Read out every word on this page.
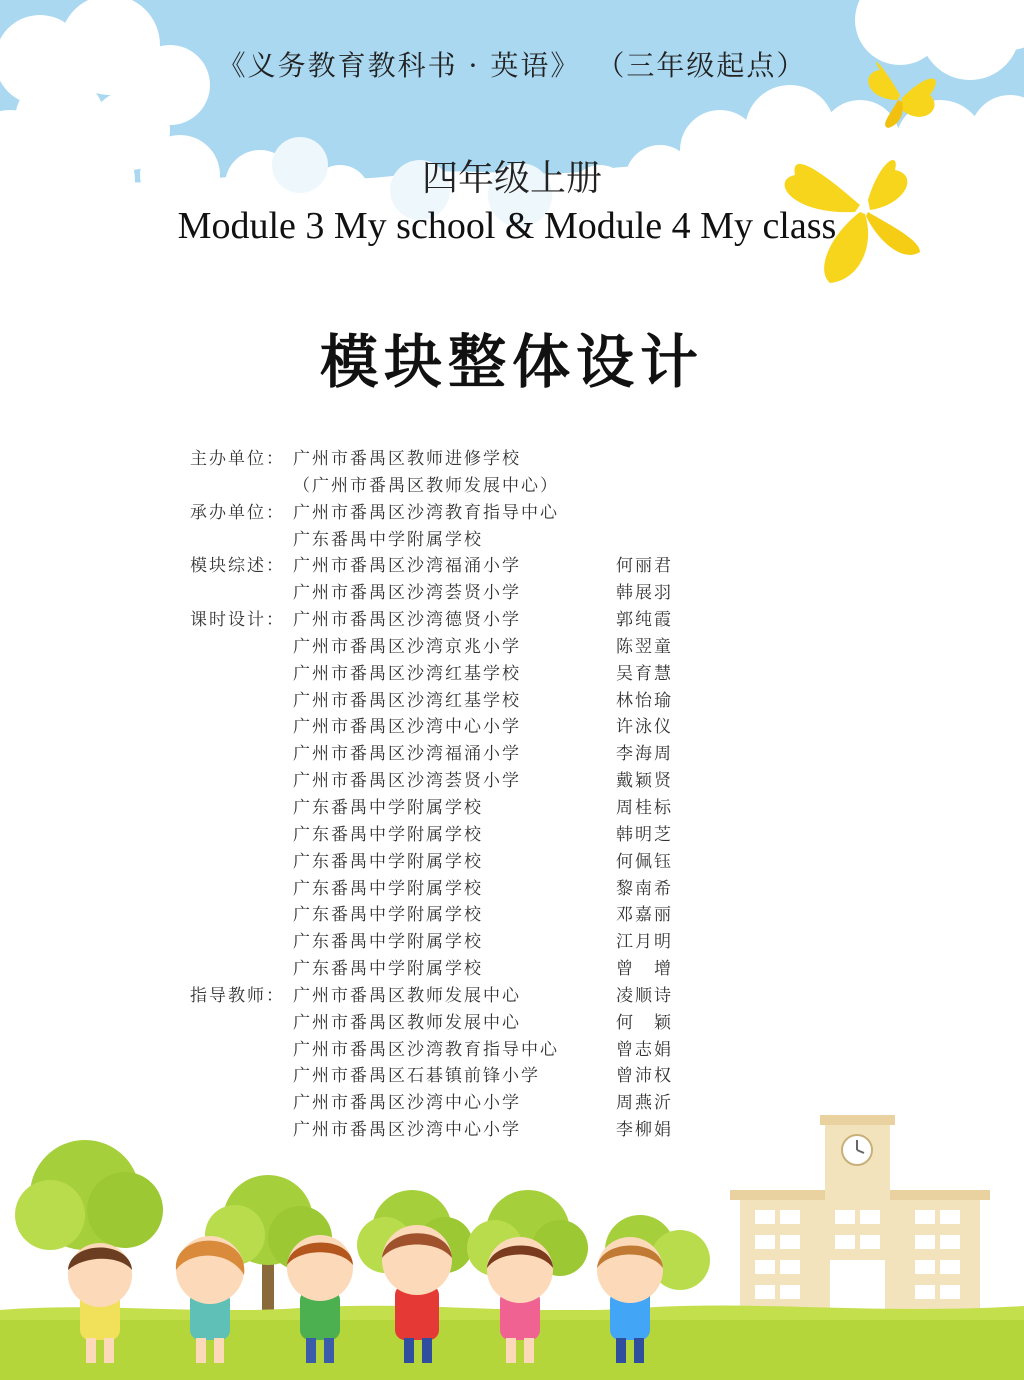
《义务教育教科书 · 英语》 （三年级起点）
四年级上册
Module 3 My school & Module 4 My class
模块整体设计
主办单位： 广州市番禺区教师进修学校
（广州市番禺区教师发展中心）
承办单位： 广州市番禺区沙湾教育指导中心
广东番禺中学附属学校
模块综述： 广州市番禺区沙湾福涌小学	何丽君
广州市番禺区沙湾荟贤小学	韩展羽
课时设计： 广州市番禺区沙湾德贤小学	郭纯霞
广州市番禺区沙湾京兆小学	陈翌童
广州市番禺区沙湾红基学校	吴育慧
广州市番禺区沙湾红基学校	林怡瑜
广州市番禺区沙湾中心小学	许泳仪
广州市番禺区沙湾福涌小学	李海周
广州市番禺区沙湾荟贤小学	戴颖贤
广东番禺中学附属学校	周桂标
广东番禺中学附属学校	韩明芝
广东番禺中学附属学校	何佩钰
广东番禺中学附属学校	黎南希
广东番禺中学附属学校	邓嘉丽
广东番禺中学附属学校	江月明
广东番禺中学附属学校	曾　增
指导教师： 广州市番禺区教师发展中心	凌顺诗
广州市番禺区教师发展中心	何　颖
广州市番禺区沙湾教育指导中心	曾志娟
广州市番禺区石碁镇前锋小学	曾沛权
广州市番禺区沙湾中心小学	周燕沂
广州市番禺区沙湾中心小学	李柳娟
